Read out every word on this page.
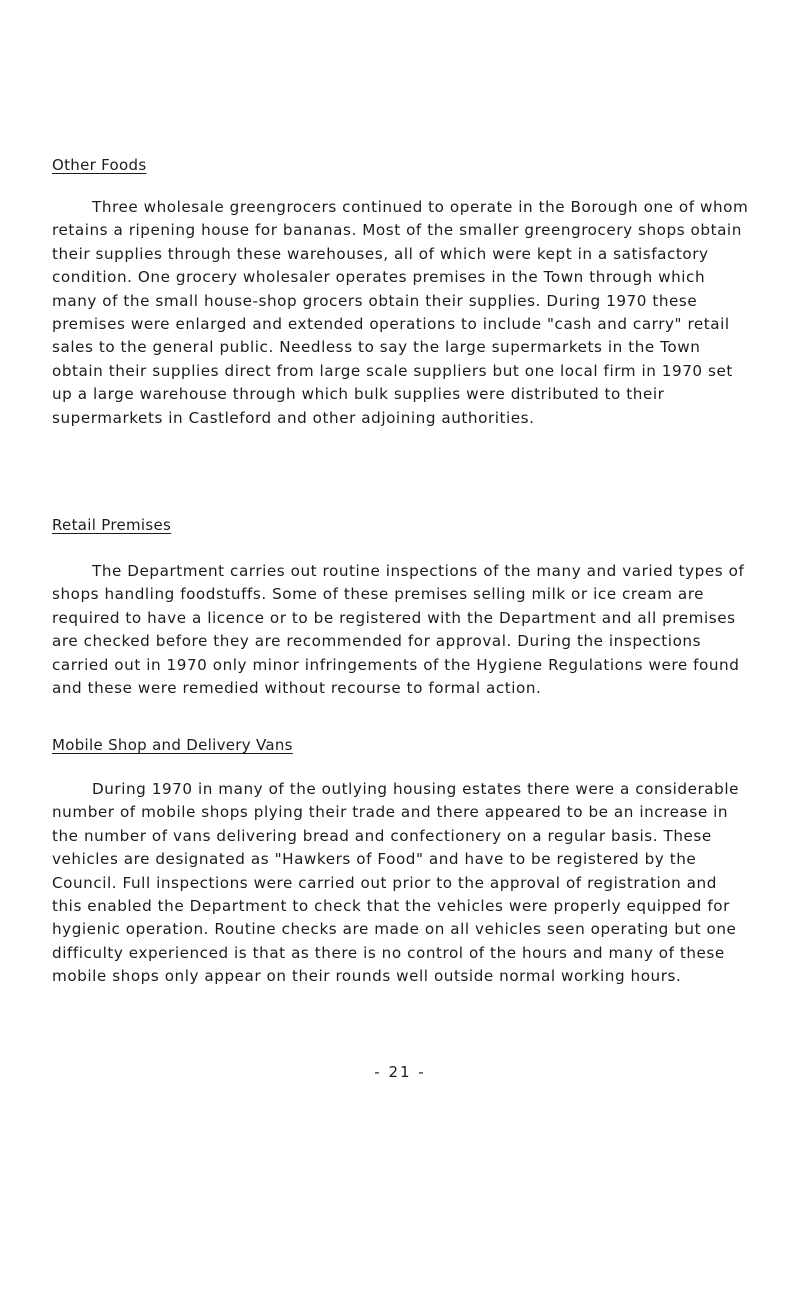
Other Foods

Three wholesale greengrocers continued to operate in the Borough one of whom retains a ripening house for bananas. Most of the smaller greengrocery shops obtain their supplies through these warehouses, all of which were kept in a satisfactory condition. One grocery wholesaler operates premises in the Town through which many of the small house-shop grocers obtain their supplies. During 1970 these premises were enlarged and extended operations to include "cash and carry" retail sales to the general public. Needless to say the large supermarkets in the Town obtain their supplies direct from large scale suppliers but one local firm in 1970 set up a large warehouse through which bulk supplies were distributed to their supermarkets in Castleford and other adjoining authorities.

Retail Premises

The Department carries out routine inspections of the many and varied types of shops handling foodstuffs. Some of these premises selling milk or ice cream are required to have a licence or to be registered with the Department and all premises are checked before they are recommended for approval. During the inspections carried out in 1970 only minor infringements of the Hygiene Regulations were found and these were remedied without recourse to formal action.

Mobile Shop and Delivery Vans

During 1970 in many of the outlying housing estates there were a considerable number of mobile shops plying their trade and there appeared to be an increase in the number of vans delivering bread and confectionery on a regular basis. These vehicles are designated as "Hawkers of Food" and have to be registered by the Council. Full inspections were carried out prior to the approval of registration and this enabled the Department to check that the vehicles were properly equipped for hygienic operation. Routine checks are made on all vehicles seen operating but one difficulty experienced is that as there is no control of the hours and many of these mobile shops only appear on their rounds well outside normal working hours.

- 21 -
